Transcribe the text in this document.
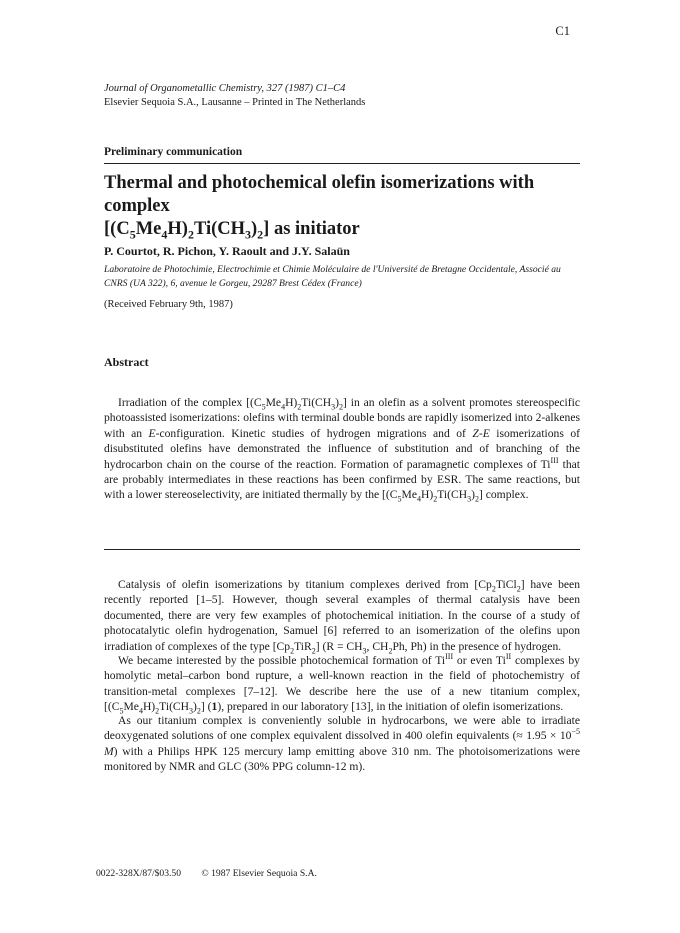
C1
Journal of Organometallic Chemistry, 327 (1987) C1–C4
Elsevier Sequoia S.A., Lausanne – Printed in The Netherlands
Preliminary communication
Thermal and photochemical olefin isomerizations with complex
$[(C_5Me_4H)_2Ti(CH_3)_2]$ as initiator
P. Courtot, R. Pichon, Y. Raoult and J.Y. Salaün
Laboratoire de Photochimie, Electrochimie et Chimie Moléculaire de l'Université de Bretagne Occidentale, Associé au CNRS (UA 322), 6, avenue le Gorgeu, 29287 Brest Cédex (France)
(Received February 9th, 1987)
Abstract

Irradiation of the complex $[(C_5Me_4H)_2Ti(CH_3)_2]$ in an olefin as a solvent promotes stereospecific photoassisted isomerizations: olefins with terminal double bonds are rapidly isomerized into 2-alkenes with an E-configuration. Kinetic studies of hydrogen migrations and of Z-E isomerizations of disubstituted olefins have demonstrated the influence of substitution and of branching of the hydrocarbon chain on the course of the reaction. Formation of paramagnetic complexes of $Ti^{III}$ that are probably intermediates in these reactions has been confirmed by ESR. The same reactions, but with a lower stereoselectivity, are initiated thermally by the $[(C_5Me_4H)_2Ti(CH_3)_2]$ complex.

Catalysis of olefin isomerizations by titanium complexes derived from $[Cp_2TiCl_2]$ have been recently reported [1–5]. However, though several examples of thermal catalysis have been documented, there are very few examples of photochemical initiation. In the course of a study of photocatalytic olefin hydrogenation, Samuel [6] referred to an isomerization of the olefins upon irradiation of complexes of the type $[Cp_2TiR_2] (R = CH_3$, $CH_2Ph$, Ph) in the presence of hydrogen.

We became interested by the possible photochemical formation of $Ti^{III}$ or even $Ti^{II}$ complexes by homolytic metal–carbon bond rupture, a well-known reaction in the field of photochemistry of transition-metal complexes [7–12]. We describe here the use of a new titanium complex, $[(C_5Me_4H)_2Ti(CH_3)_2]$ (1), prepared in our laboratory [13], in the initiation of olefin isomerizations.

As our titanium complex is conveniently soluble in hydrocarbons, we were able to irradiate deoxygenated solutions of one complex equivalent dissolved in 400 olefin equivalents (≈ $1.95 \times 10^{-5}$ M) with a Philips HPK 125 mercury lamp emitting above 310 nm. The photoisomerizations were monitored by NMR and GLC (30% PPG column-12 m).

0022-328X/87/$03.50 © 1987 Elsevier Sequoia S.A.
